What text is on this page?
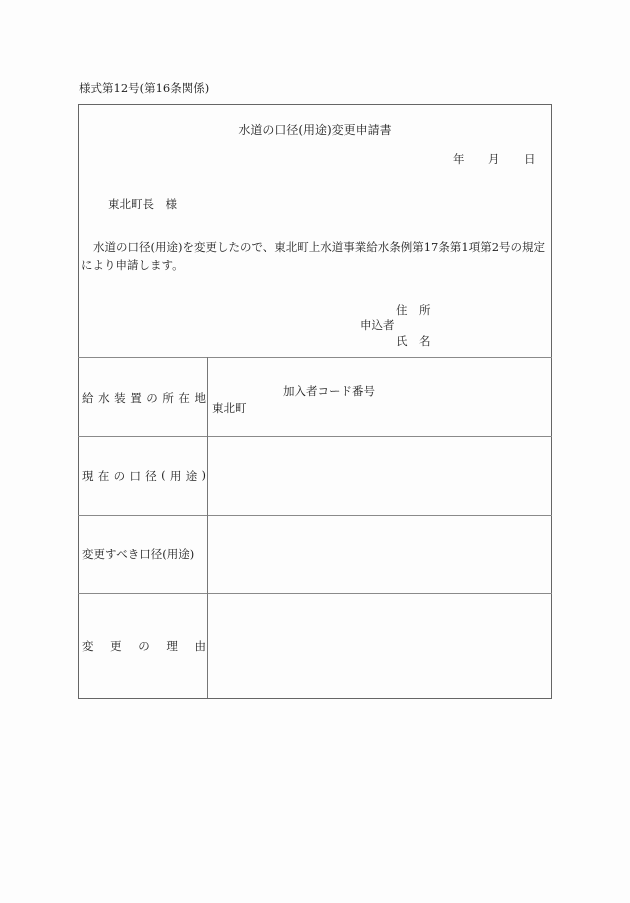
様式第12号(第16条関係)
水道の口径(用途)変更申請書
年 月 日
東北町長　様
水道の口径(用途)を変更したので、東北町上水道事業給水条例第17条第1項第2号の規定
により申請します。
住　所
申込者
氏　名
給 水 装 置 の 所 在 地	加入者コード番号
東北町
現 在 の 口 径 ( 用 途 )
変更すべき口径(用途)
変 更 の 理 由
